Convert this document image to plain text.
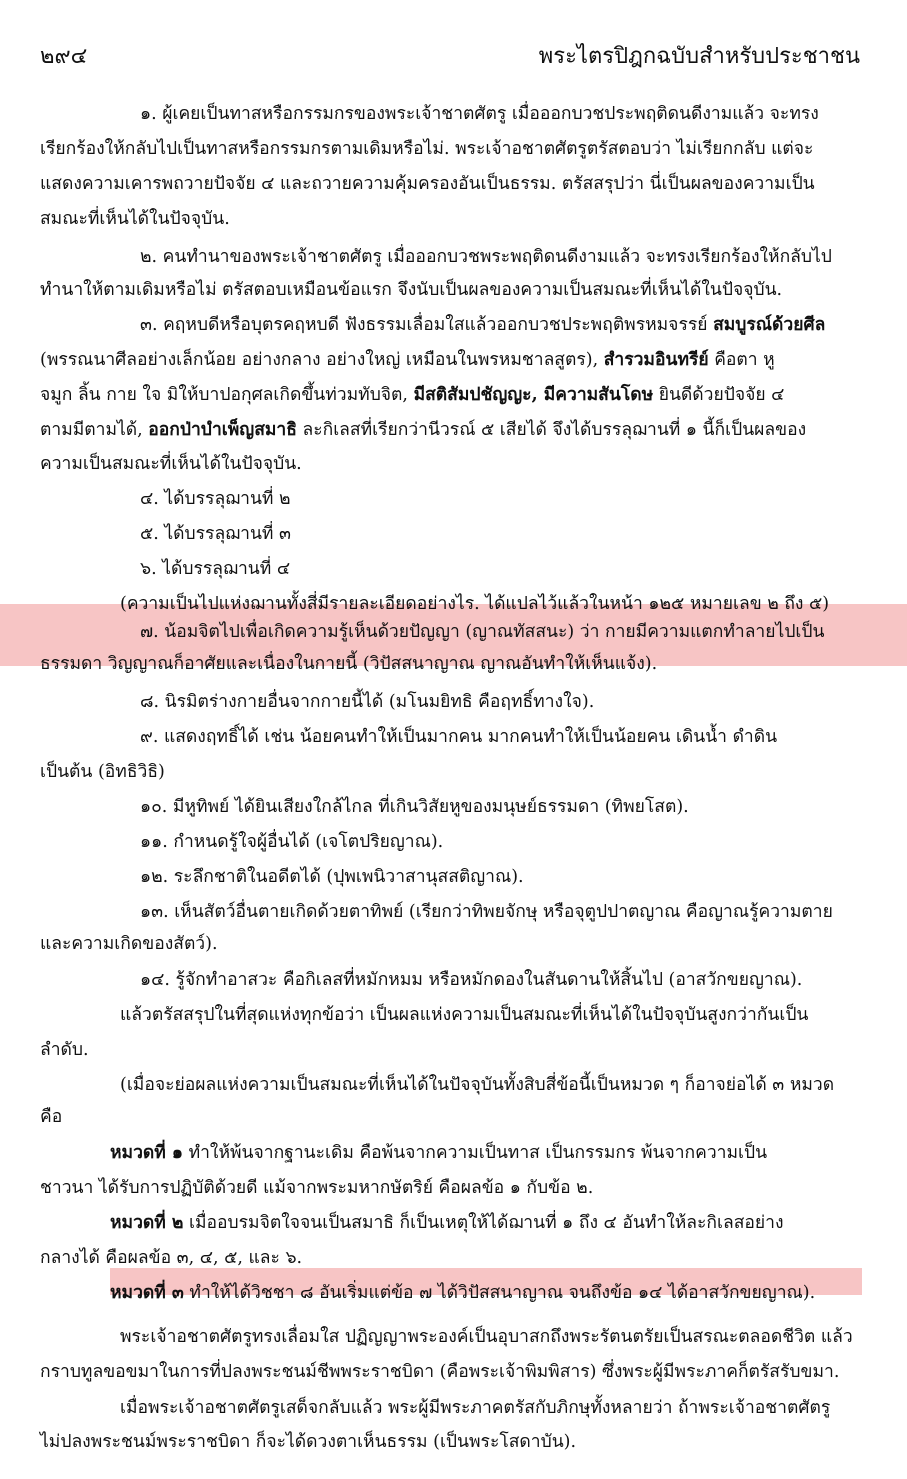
๒๙๔	พระไตรปิฎกฉบับสำหรับประชาชน
๑. ผู้เคยเป็นทาสหรือกรรมกรของพระเจ้าชาตศัตรู เมื่อออกบวชประพฤติดนดีงามแล้ว จะทรง
เรียกร้องให้กลับไปเป็นทาสหรือกรรมกรตามเดิมหรือไม่. พระเจ้าอชาตศัตรูตรัสตอบว่า ไม่เรียกกลับ แต่จะ
แสดงความเคารพถวายปัจจัย ๔ และถวายความคุ้มครองอันเป็นธรรม. ตรัสสรุปว่า นี่เป็นผลของความเป็น
สมณะที่เห็นได้ในปัจจุบัน.
๒. คนทำนาของพระเจ้าชาตศัตรู เมื่อออกบวชพระพฤติดนดีงามแล้ว จะทรงเรียกร้องให้กลับไป
ทำนาให้ตามเดิมหรือไม่ ตรัสตอบเหมือนข้อแรก จึงนับเป็นผลของความเป็นสมณะที่เห็นได้ในปัจจุบัน.
๓. คฤหบดีหรือบุตรคฤหบดี ฟังธรรมเลื่อมใสแล้วออกบวชประพฤติพรหมจรรย์ สมบูรณ์ด้วยศีล
(พรรณนาศีลอย่างเล็กน้อย อย่างกลาง อย่างใหญ่ เหมือนในพรหมชาลสูตร), สำรวมอินทรีย์ คือตา หู
จมูก ลิ้น กาย ใจ มิให้บาปอกุศลเกิดขึ้นท่วมทับจิต, มีสติสัมปชัญญะ, มีความสันโดษ ยินดีด้วยปัจจัย ๔
ตามมีตามได้, ออกป่าบำเพ็ญสมาธิ ละกิเลสที่เรียกว่านีวรณ์ ๕ เสียได้ จึงได้บรรลุฌานที่ ๑ นี้ก็เป็นผลของ
ความเป็นสมณะที่เห็นได้ในปัจจุบัน.
๔. ได้บรรลุฌานที่ ๒
๕. ได้บรรลุฌานที่ ๓
๖. ได้บรรลุฌานที่ ๔
(ความเป็นไปแห่งฌานทั้งสี่มีรายละเอียดอย่างไร. ได้แปลไว้แล้วในหน้า ๑๒๕ หมายเลข ๒ ถึง ๕)
๗. น้อมจิตไปเพื่อเกิดความรู้เห็นด้วยปัญญา (ญาณทัสสนะ) ว่า กายมีความแตกทำลายไปเป็น
ธรรมดา วิญญาณก็อาศัยและเนื่องในกายนี้ (วิปัสสนาญาณ ญาณอันทำให้เห็นแจ้ง).
๘. นิรมิตร่างกายอื่นจากกายนี้ได้ (มโนมยิทธิ คือฤทธิ์ทางใจ).
๙. แสดงฤทธิ์ได้ เช่น น้อยคนทำให้เป็นมากคน มากคนทำให้เป็นน้อยคน เดินน้ำ ดำดิน
เป็นต้น (อิทธิวิธิ)
๑๐. มีหูทิพย์ ได้ยินเสียงใกล้ไกล ที่เกินวิสัยหูของมนุษย์ธรรมดา (ทิพยโสต).
๑๑. กำหนดรู้ใจผู้อื่นได้ (เจโตปริยญาณ).
๑๒. ระลึกชาติในอดีตได้ (ปุพเพนิวาสานุสสติญาณ).
๑๓. เห็นสัตว์อื่นตายเกิดด้วยตาทิพย์ (เรียกว่าทิพยจักษุ หรือจุตูปปาตญาณ คือญาณรู้ความตาย
และความเกิดของสัตว์).
๑๔. รู้จักทำอาสวะ คือกิเลสที่หมักหมม หรือหมักดองในสันดานให้สิ้นไป (อาสวักขยญาณ).
แล้วตรัสสรุปในที่สุดแห่งทุกข้อว่า เป็นผลแห่งความเป็นสมณะที่เห็นได้ในปัจจุบันสูงกว่ากันเป็น
ลำดับ.
(เมื่อจะย่อผลแห่งความเป็นสมณะที่เห็นได้ในปัจจุบันทั้งสิบสี่ข้อนี้เป็นหมวด ๆ ก็อาจย่อได้ ๓ หมวด
คือ
หมวดที่ ๑ ทำให้พ้นจากฐานะเดิม คือพ้นจากความเป็นทาส เป็นกรรมกร พ้นจากความเป็น
ชาวนา ได้รับการปฏิบัติด้วยดี แม้จากพระมหากษัตริย์ คือผลข้อ ๑ กับข้อ ๒.
หมวดที่ ๒ เมื่ออบรมจิตใจจนเป็นสมาธิ ก็เป็นเหตุให้ได้ฌานที่ ๑ ถึง ๔ อันทำให้ละกิเลสอย่าง
กลางได้ คือผลข้อ ๓, ๔, ๕, และ ๖.
หมวดที่ ๓ ทำให้ได้วิชชา ๘ อันเริ่มแต่ข้อ ๗ ได้วิปัสสนาญาณ จนถึงข้อ ๑๔ ได้อาสวักขยญาณ).
พระเจ้าอชาตศัตรูทรงเลื่อมใส ปฏิญญาพระองค์เป็นอุบาสกถึงพระรัตนตรัยเป็นสรณะตลอดชีวิต แล้ว
กราบทูลขอขมาในการที่ปลงพระชนม์ชีพพระราชบิดา (คือพระเจ้าพิมพิสาร) ซึ่งพระผู้มีพระภาคก็ตรัสรับขมา.
เมื่อพระเจ้าอชาตศัตรูเสด็จกลับแล้ว พระผู้มีพระภาคตรัสกับภิกษุทั้งหลายว่า ถ้าพระเจ้าอชาตศัตรู
ไม่ปลงพระชนม์พระราชบิดา ก็จะได้ดวงตาเห็นธรรม (เป็นพระโสดาบัน).
